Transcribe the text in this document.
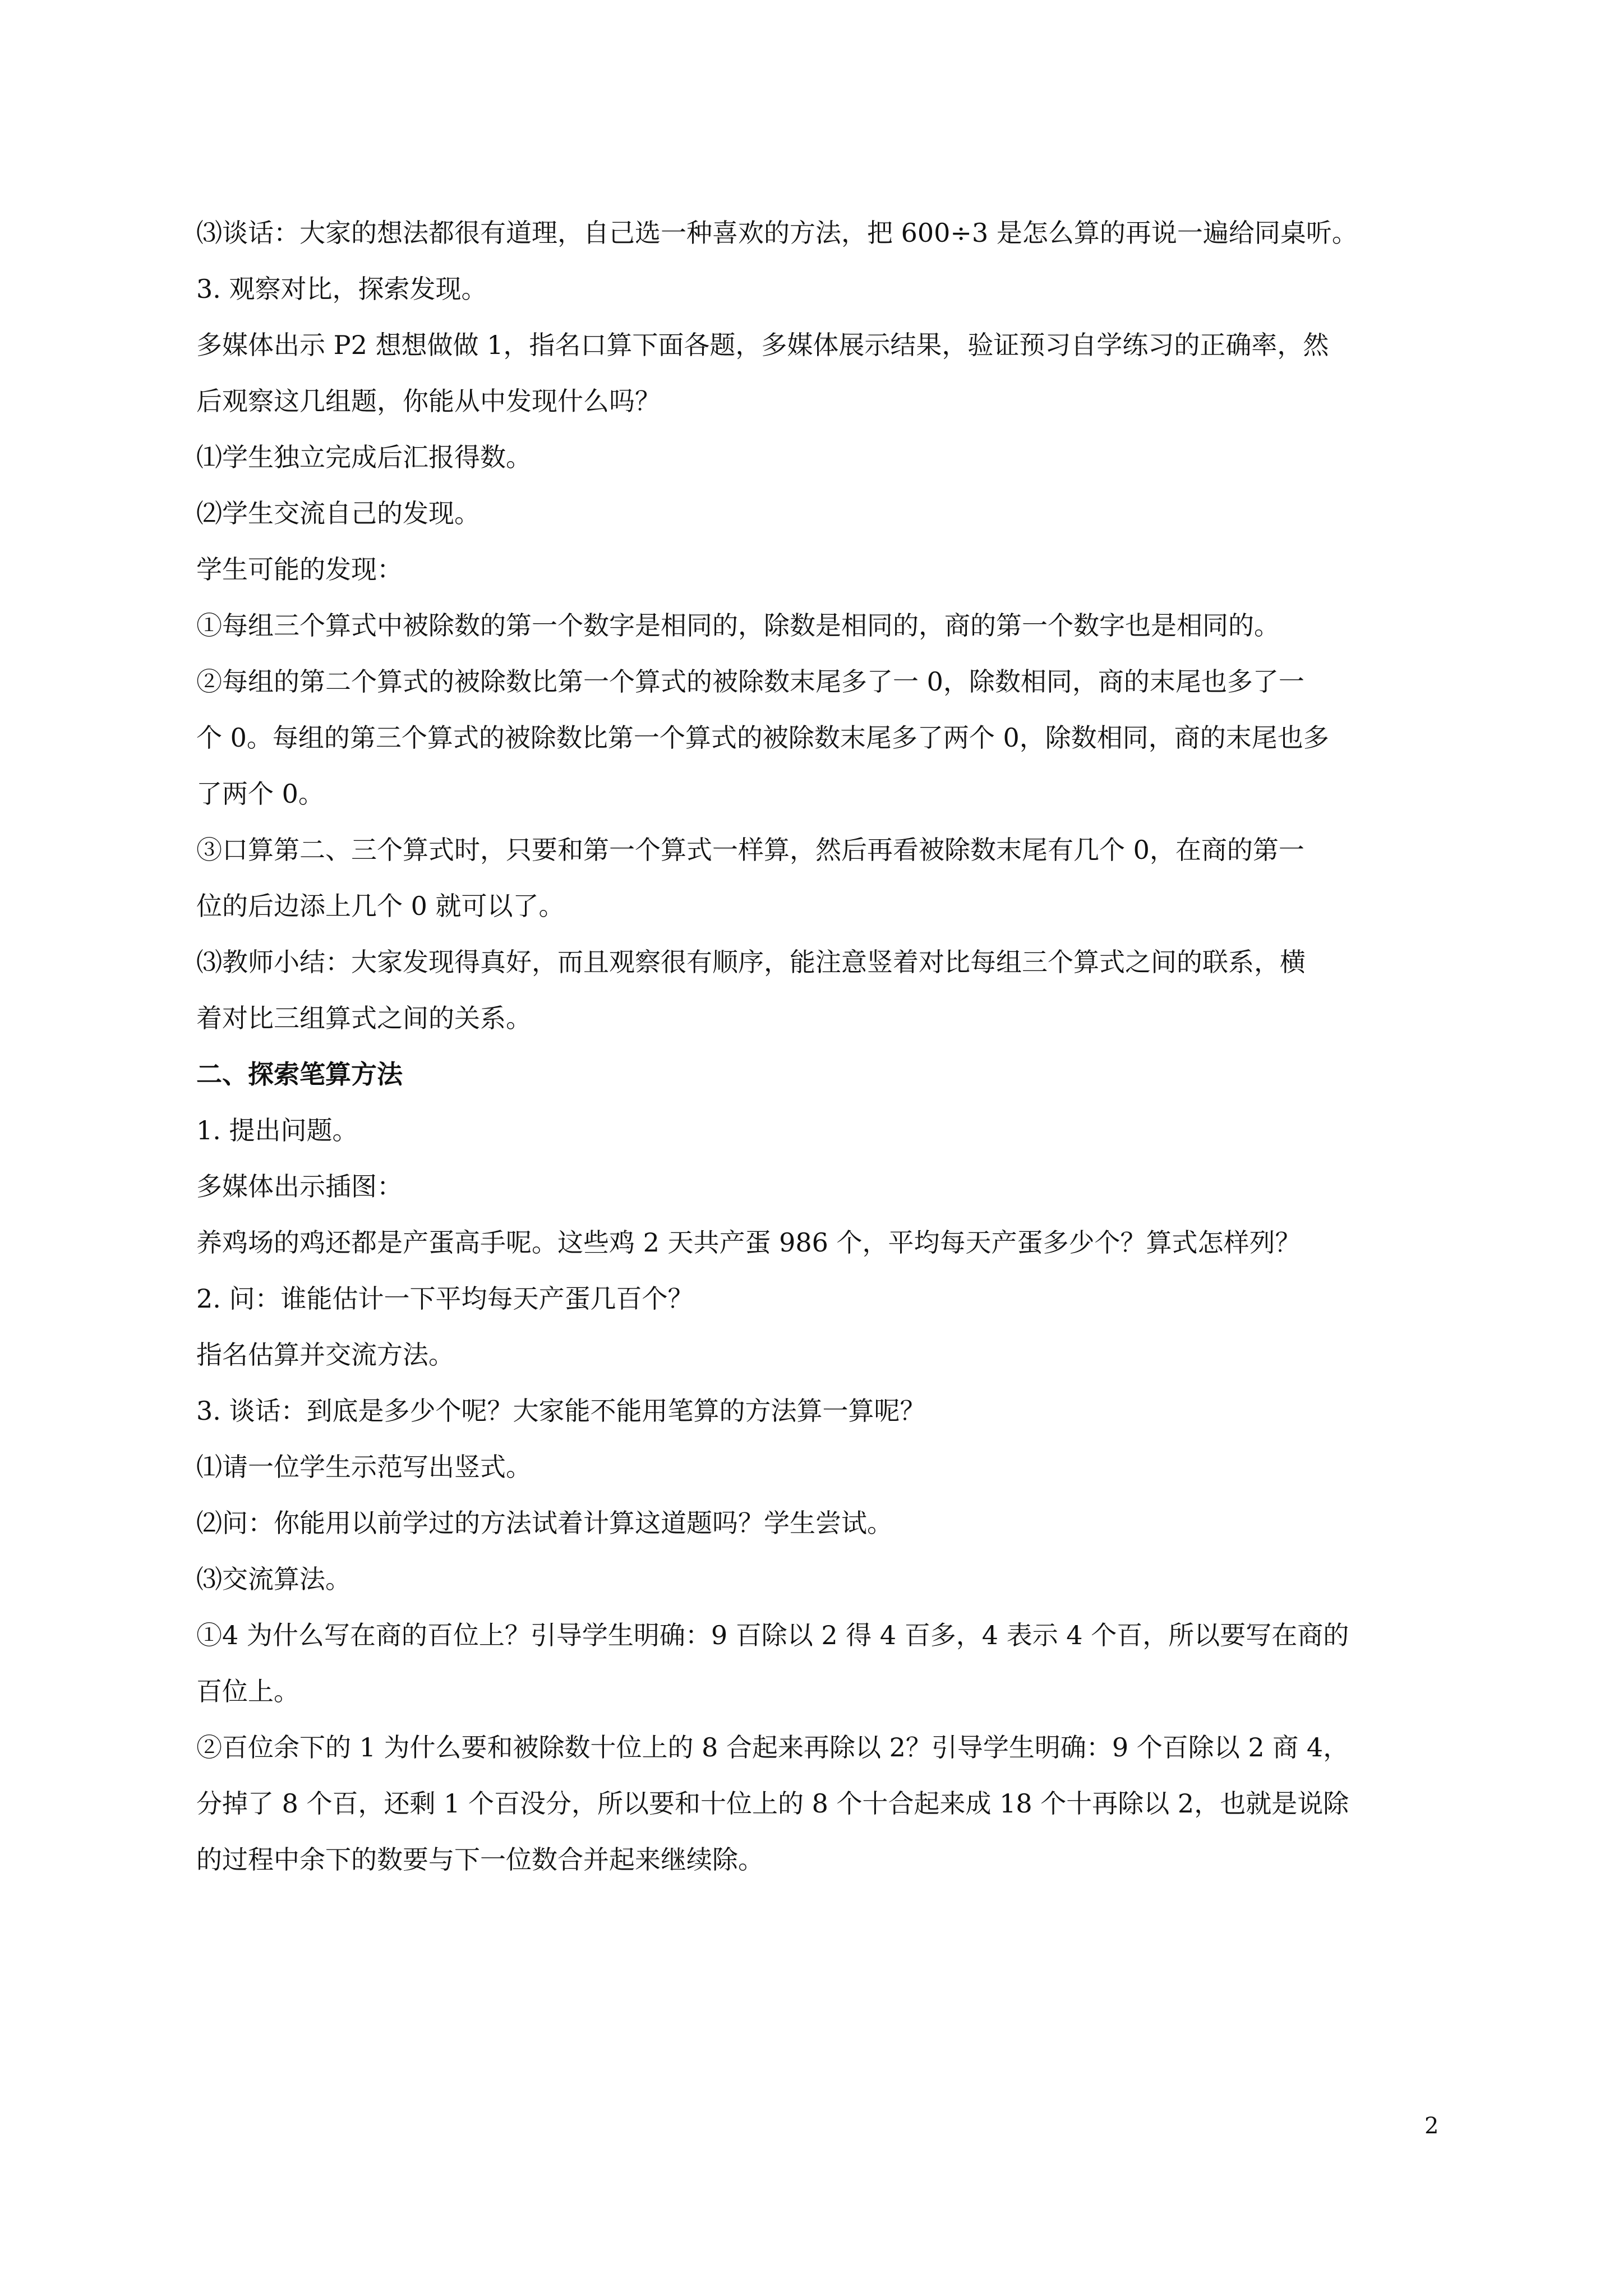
⑶谈话：大家的想法都很有道理，自己选一种喜欢的方法，把 600÷3 是怎么算的再说一遍给同桌听。

3. 观察对比，探索发现。

多媒体出示 P2 想想做做 1，指名口算下面各题，多媒体展示结果，验证预习自学练习的正确率，然

后观察这几组题，你能从中发现什么吗？

⑴学生独立完成后汇报得数。

⑵学生交流自己的发现。

学生可能的发现：

①每组三个算式中被除数的第一个数字是相同的，除数是相同的，商的第一个数字也是相同的。

②每组的第二个算式的被除数比第一个算式的被除数末尾多了一 0，除数相同，商的末尾也多了一

个 0。每组的第三个算式的被除数比第一个算式的被除数末尾多了两个 0，除数相同，商的末尾也多

了两个 0。

③口算第二、三个算式时，只要和第一个算式一样算，然后再看被除数末尾有几个 0，在商的第一

位的后边添上几个 0 就可以了。

⑶教师小结：大家发现得真好，而且观察很有顺序，能注意竖着对比每组三个算式之间的联系，横

着对比三组算式之间的关系。

二、探索笔算方法

1. 提出问题。

多媒体出示插图：

养鸡场的鸡还都是产蛋高手呢。这些鸡 2 天共产蛋 986 个，平均每天产蛋多少个？算式怎样列？

2. 问：谁能估计一下平均每天产蛋几百个？

指名估算并交流方法。

3. 谈话：到底是多少个呢？大家能不能用笔算的方法算一算呢？

⑴请一位学生示范写出竖式。

⑵问：你能用以前学过的方法试着计算这道题吗？学生尝试。

⑶交流算法。

①4 为什么写在商的百位上？引导学生明确：9 百除以 2 得 4 百多，4 表示 4 个百，所以要写在商的

百位上。

②百位余下的 1 为什么要和被除数十位上的 8 合起来再除以 2？引导学生明确：9 个百除以 2 商 4，

分掉了 8 个百，还剩 1 个百没分，所以要和十位上的 8 个十合起来成 18 个十再除以 2，也就是说除

的过程中余下的数要与下一位数合并起来继续除。

2
